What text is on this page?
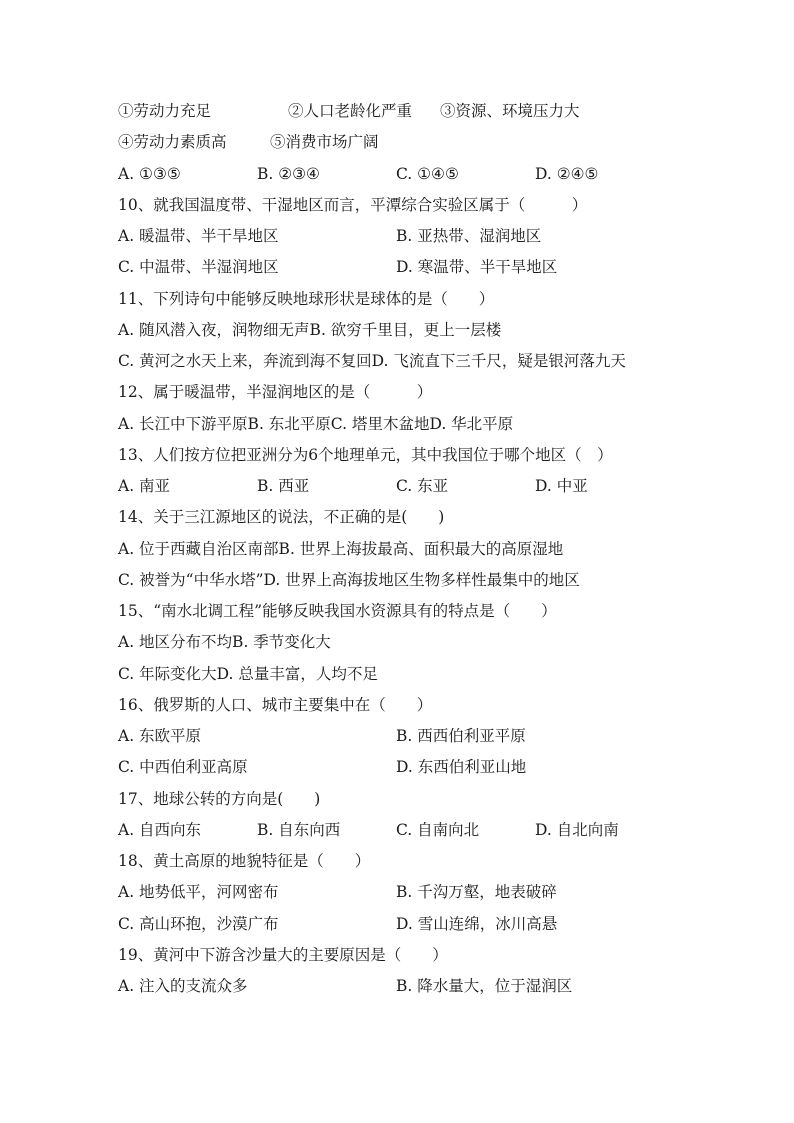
①劳动力充足	②人口老龄化严重 ③资源、环境压力大
④劳动力素质高	⑤消费市场广阔
A. ①③⑤	B. ②③④	C. ①④⑤	D. ②④⑤
10、就我国温度带、干湿地区而言，平潭综合实验区属于（　　　）
A. 暖温带、半干旱地区	B. 亚热带、湿润地区
C. 中温带、半湿润地区	D. 寒温带、半干旱地区
11、下列诗句中能够反映地球形状是球体的是（　　）
A. 随风潜入夜，润物细无声B. 欲穷千里目，更上一层楼
C. 黄河之水天上来，奔流到海不复回D. 飞流直下三千尺，疑是银河落九天
12、属于暖温带，半湿润地区的是（　　　）
A. 长江中下游平原B. 东北平原C. 塔里木盆地D. 华北平原
13、人们按方位把亚洲分为6个地理单元，其中我国位于哪个地区（　）
A. 南亚	B. 西亚	C. 东亚	D. 中亚
14、关于三江源地区的说法，不正确的是(　　)
A. 位于西藏自治区南部B. 世界上海拔最高、面积最大的高原湿地
C. 被誉为“中华水塔”D. 世界上高海拔地区生物多样性最集中的地区
15、“南水北调工程”能够反映我国水资源具有的特点是（　　）
A. 地区分布不均B. 季节变化大
C. 年际变化大D. 总量丰富，人均不足
16、俄罗斯的人口、城市主要集中在（　　）
A. 东欧平原	B. 西西伯利亚平原
C. 中西伯利亚高原	D. 东西伯利亚山地
17、地球公转的方向是(　　)
A. 自西向东	B. 自东向西	C. 自南向北	D. 自北向南
18、黄土高原的地貌特征是（　　）
A. 地势低平，河网密布	B. 千沟万壑，地表破碎
C. 高山环抱，沙漠广布	D. 雪山连绵，冰川高悬
19、黄河中下游含沙量大的主要原因是（　　）
A. 注入的支流众多	B. 降水量大，位于湿润区
